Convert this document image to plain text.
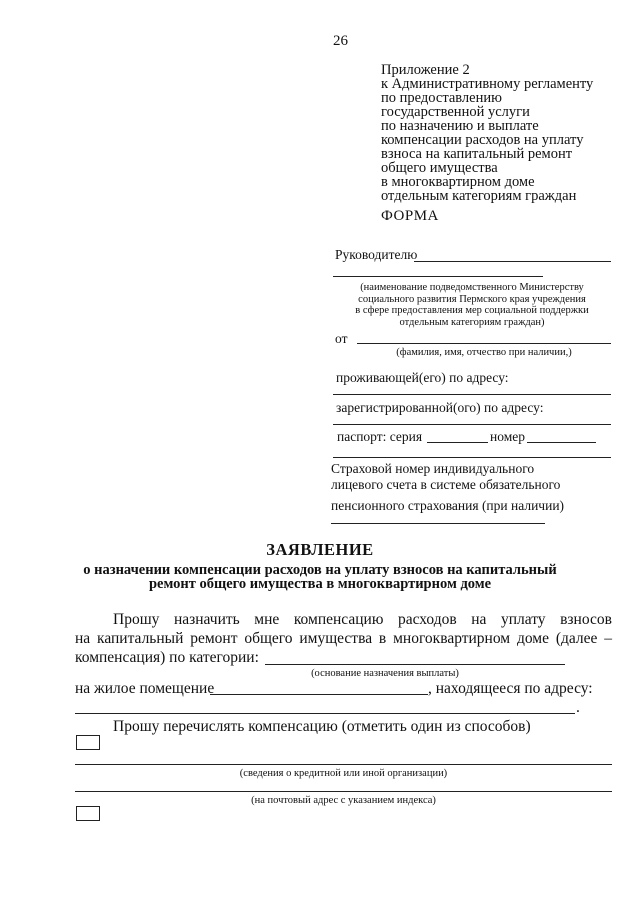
26
Приложение 2
к Административному регламенту
по предоставлению
государственной услуги
по назначению и выплате
компенсации расходов на уплату
взноса на капитальный ремонт
общего имущества
в многоквартирном доме
отдельным категориям граждан
ФОРМА
Руководителю
(наименование подведомственного Министерству
социального развития Пермского края учреждения
в сфере предоставления мер социальной поддержки
отдельным категориям граждан)
от
(фамилия, имя, отчество при наличии,)
проживающей(его) по адресу:
зарегистрированной(ого) по адресу:
паспорт: серия	номер
Страховой номер индивидуального
лицевого счета в системе обязательного
пенсионного страхования (при наличии)
ЗАЯВЛЕНИЕ
о назначении компенсации расходов на уплату взносов на капитальный
ремонт общего имущества в многоквартирном доме
Прошу назначить мне компенсацию расходов на уплату взносов
на капитальный ремонт общего имущества в многоквартирном доме (далее –
компенсация) по категории:
(основание назначения выплаты)
на жилое помещение	, находящееся по адресу:
.
Прошу перечислять компенсацию (отметить один из способов)
(сведения о кредитной или иной организации)
(на почтовый адрес с указанием индекса)
